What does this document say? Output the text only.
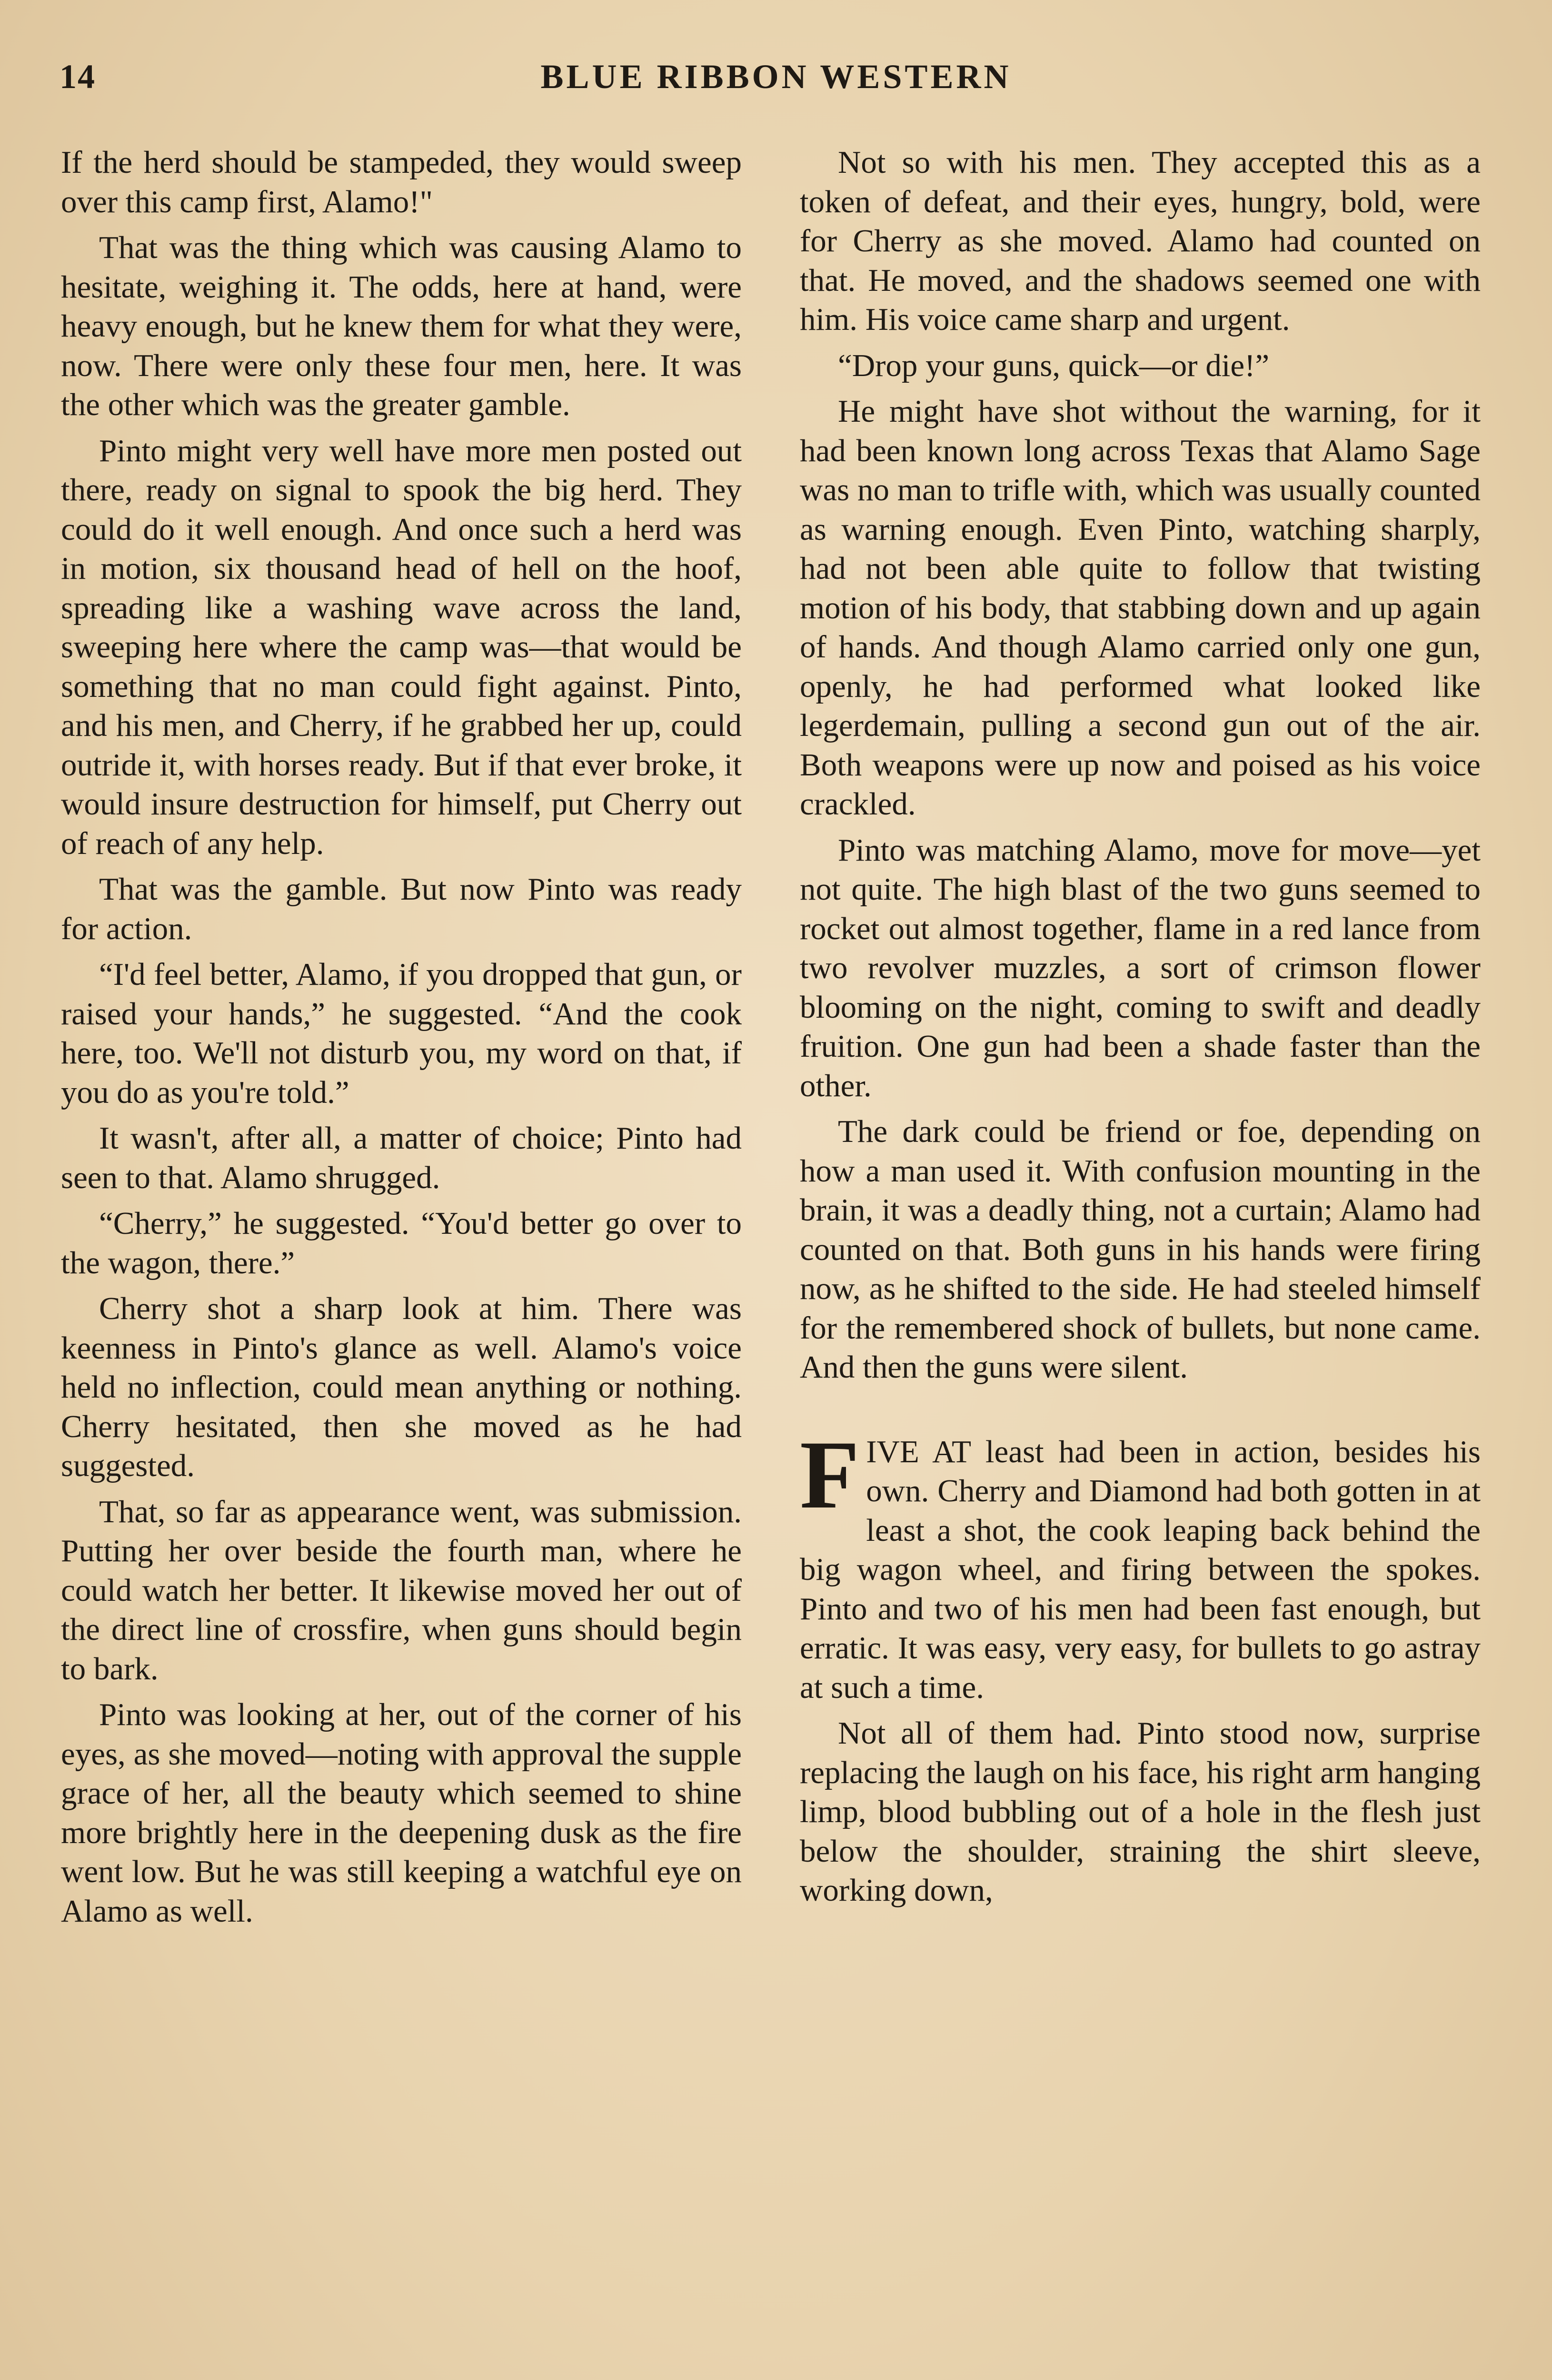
14	BLUE RIBBON WESTERN

If the herd should be stampeded, they would sweep over this camp first, Alamo!"

That was the thing which was causing Alamo to hesitate, weighing it. The odds, here at hand, were heavy enough, but he knew them for what they were, now. There were only these four men, here. It was the other which was the greater gamble.

Pinto might very well have more men posted out there, ready on signal to spook the big herd. They could do it well enough. And once such a herd was in motion, six thousand head of hell on the hoof, spreading like a washing wave across the land, sweeping here where the camp was—that would be something that no man could fight against. Pinto, and his men, and Cherry, if he grabbed her up, could outride it, with horses ready. But if that ever broke, it would insure destruction for himself, put Cherry out of reach of any help.

That was the gamble. But now Pinto was ready for action.

“I'd feel better, Alamo, if you dropped that gun, or raised your hands,” he suggested. “And the cook here, too. We'll not disturb you, my word on that, if you do as you're told.”

It wasn't, after all, a matter of choice; Pinto had seen to that. Alamo shrugged.

“Cherry,” he suggested. “You'd better go over to the wagon, there.”

Cherry shot a sharp look at him. There was keenness in Pinto's glance as well. Alamo's voice held no inflection, could mean anything or nothing. Cherry hesitated, then she moved as he had suggested.

That, so far as appearance went, was submission. Putting her over beside the fourth man, where he could watch her better. It likewise moved her out of the direct line of crossfire, when guns should begin to bark.

Pinto was looking at her, out of the corner of his eyes, as she moved—noting with approval the supple grace of her, all the beauty which seemed to shine more brightly here in the deepening dusk as the fire went low. But he was still keeping a watchful eye on Alamo as well.

Not so with his men. They accepted this as a token of defeat, and their eyes, hungry, bold, were for Cherry as she moved. Alamo had counted on that. He moved, and the shadows seemed one with him. His voice came sharp and urgent.

“Drop your guns, quick—or die!”

He might have shot without the warning, for it had been known long across Texas that Alamo Sage was no man to trifle with, which was usually counted as warning enough. Even Pinto, watching sharply, had not been able quite to follow that twisting motion of his body, that stabbing down and up again of hands. And though Alamo carried only one gun, openly, he had performed what looked like legerdemain, pulling a second gun out of the air. Both weapons were up now and poised as his voice crackled.

Pinto was matching Alamo, move for move—yet not quite. The high blast of the two guns seemed to rocket out almost together, flame in a red lance from two revolver muzzles, a sort of crimson flower blooming on the night, coming to swift and deadly fruition. One gun had been a shade faster than the other.

The dark could be friend or foe, depending on how a man used it. With confusion mounting in the brain, it was a deadly thing, not a curtain; Alamo had counted on that. Both guns in his hands were firing now, as he shifted to the side. He had steeled himself for the remembered shock of bullets, but none came. And then the guns were silent.

F IVE AT least had been in action, besides his own. Cherry and Diamond had both gotten in at least a shot, the cook leaping back behind the big wagon wheel, and firing between the spokes. Pinto and two of his men had been fast enough, but erratic. It was easy, very easy, for bullets to go astray at such a time.

Not all of them had. Pinto stood now, surprise replacing the laugh on his face, his right arm hanging limp, blood bubbling out of a hole in the flesh just below the shoulder, straining the shirt sleeve, working down,
